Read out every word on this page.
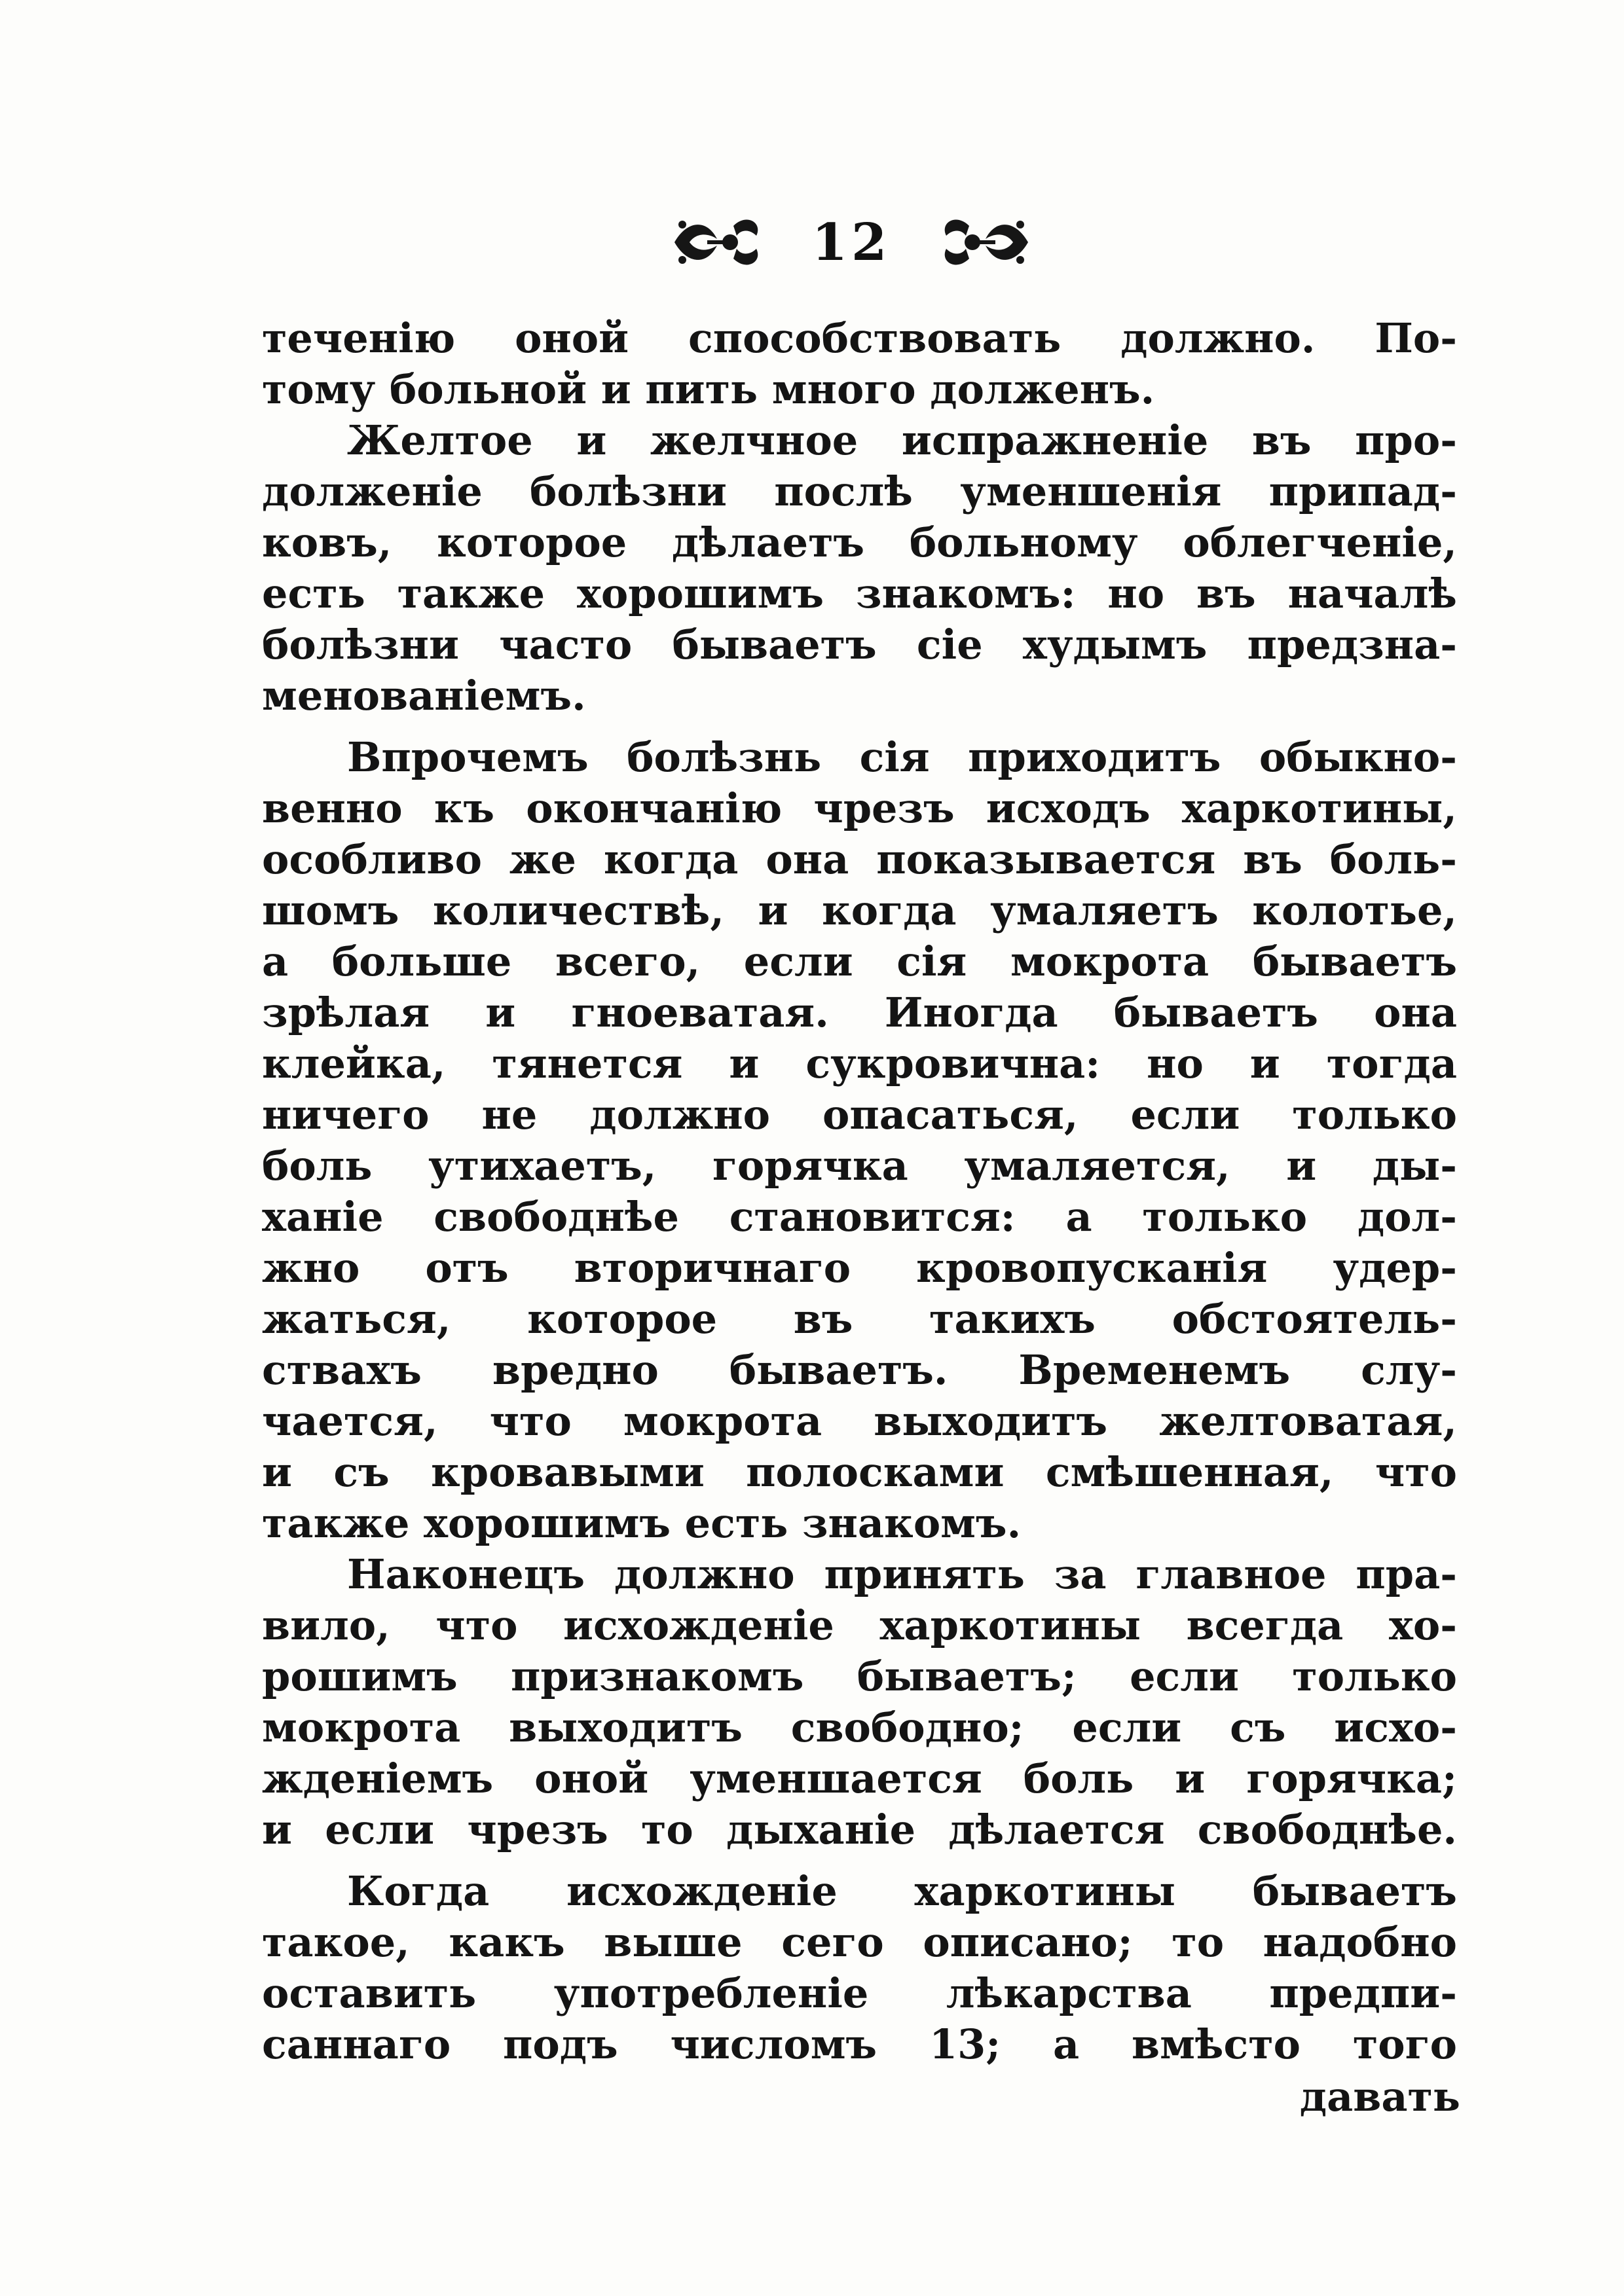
12
теченію оной способствовать должно. По-
тому больной и пить много долженъ.
Желтое и желчное испражненіе въ про-
долженіе болѣзни послѣ уменшенія припад-
ковъ, которое дѣлаетъ больному облегченіе,
есть также хорошимъ знакомъ: но въ началѣ
болѣзни часто бываетъ сіе худымъ предзна-
менованіемъ.
Впрочемъ болѣзнь сія приходитъ обыкно-
венно къ окончанію чрезъ исходъ харкотины,
особливо же когда она показывается въ боль-
шомъ количествѣ, и когда умаляетъ колотье,
а больше всего, если сія мокрота бываетъ
зрѣлая и гноеватая. Иногда бываетъ она
клейка, тянется и сукровична: но и тогда
ничего не должно опасаться, если только
боль утихаетъ, горячка умаляется, и ды-
ханіе свободнѣе становится: а только дол-
жно отъ вторичнаго кровопусканія удер-
жаться, которое въ такихъ обстоятель-
ствахъ вредно бываетъ. Временемъ слу-
чается, что мокрота выходитъ желтоватая,
и съ кровавыми полосками смѣшенная, что
также хорошимъ есть знакомъ.
Наконецъ должно принять за главное пра-
вило, что исхожденіе харкотины всегда хо-
рошимъ признакомъ бываетъ; если только
мокрота выходитъ свободно; если съ исхо-
жденіемъ оной уменшается боль и горячка;
и если чрезъ то дыханіе дѣлается свободнѣе.
Когда исхожденіе харкотины бываетъ
такое, какъ выше сего описано; то надобно
оставить употребленіе лѣкарства предпи-
саннаго подъ числомъ 13; а вмѣсто того
давать
